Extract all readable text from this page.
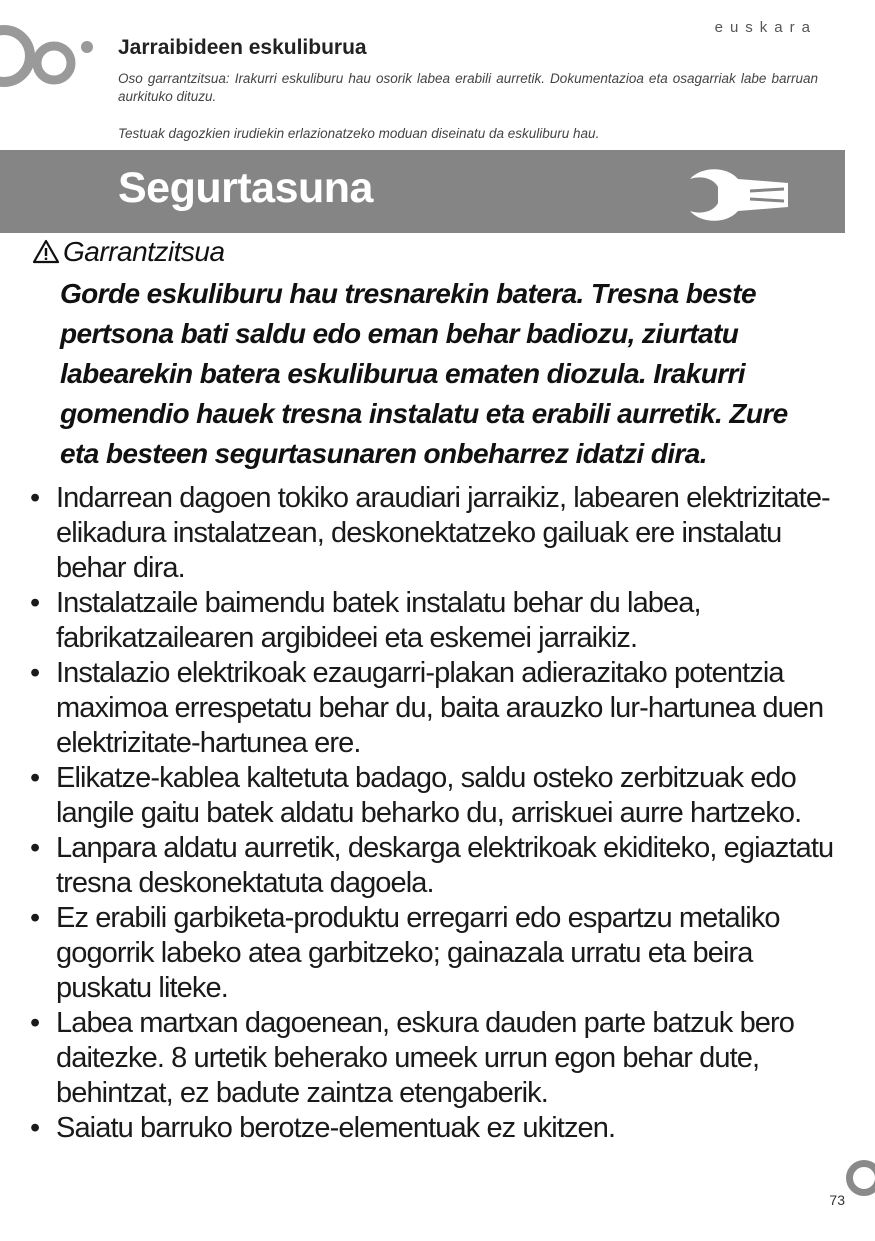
euskara
Jarraibideen eskuliburua

Oso garrantzitsua: Irakurri eskuliburu hau osorik labea erabili aurretik. Dokumentazioa eta osagarriak labe barruan aurkituko dituzu.

Testuak dagozkien irudiekin erlazionatzeko moduan diseinatu da eskuliburu hau.

Segurtasuna
Garrantzitsua

Gorde eskuliburu hau tresnarekin batera. Tresna beste pertsona bati saldu edo eman behar badiozu, ziurtatu labearekin batera eskuliburua ematen diozula. Irakurri gomendio hauek tresna instalatu eta erabili aurretik. Zure eta besteen segurtasunaren onbeharrez idatzi dira.

• Indarrean dagoen tokiko araudiari jarraikiz, labearen elektrizitate-elikadura instalatzean, deskonektatzeko gailuak ere instalatu behar dira.
• Instalatzaile baimendu batek instalatu behar du labea, fabrikatzailearen argibideei eta eskemei jarraikiz.
• Instalazio elektrikoak ezaugarri-plakan adierazitako potentzia maximoa errespetatu behar du, baita arauzko lur-hartunea duen elektrizitate-hartunea ere.
• Elikatze-kablea kaltetuta badago, saldu osteko zerbitzuak edo langile gaitu batek aldatu beharko du, arriskuei aurre hartzeko.
• Lanpara aldatu aurretik, deskarga elektrikoak ekiditeko, egiaztatu tresna deskonektatuta dagoela.
• Ez erabili garbiketa-produktu erregarri edo espartzu metaliko gogorrik labeko atea garbitzeko; gainazala urratu eta beira puskatu liteke.
• Labea martxan dagoenean, eskura dauden parte batzuk bero daitezke. 8 urtetik beherako umeek urrun egon behar dute, behintzat, ez badute zaintza etengaberik.
• Saiatu barruko berotze-elementuak ez ukitzen.
73
